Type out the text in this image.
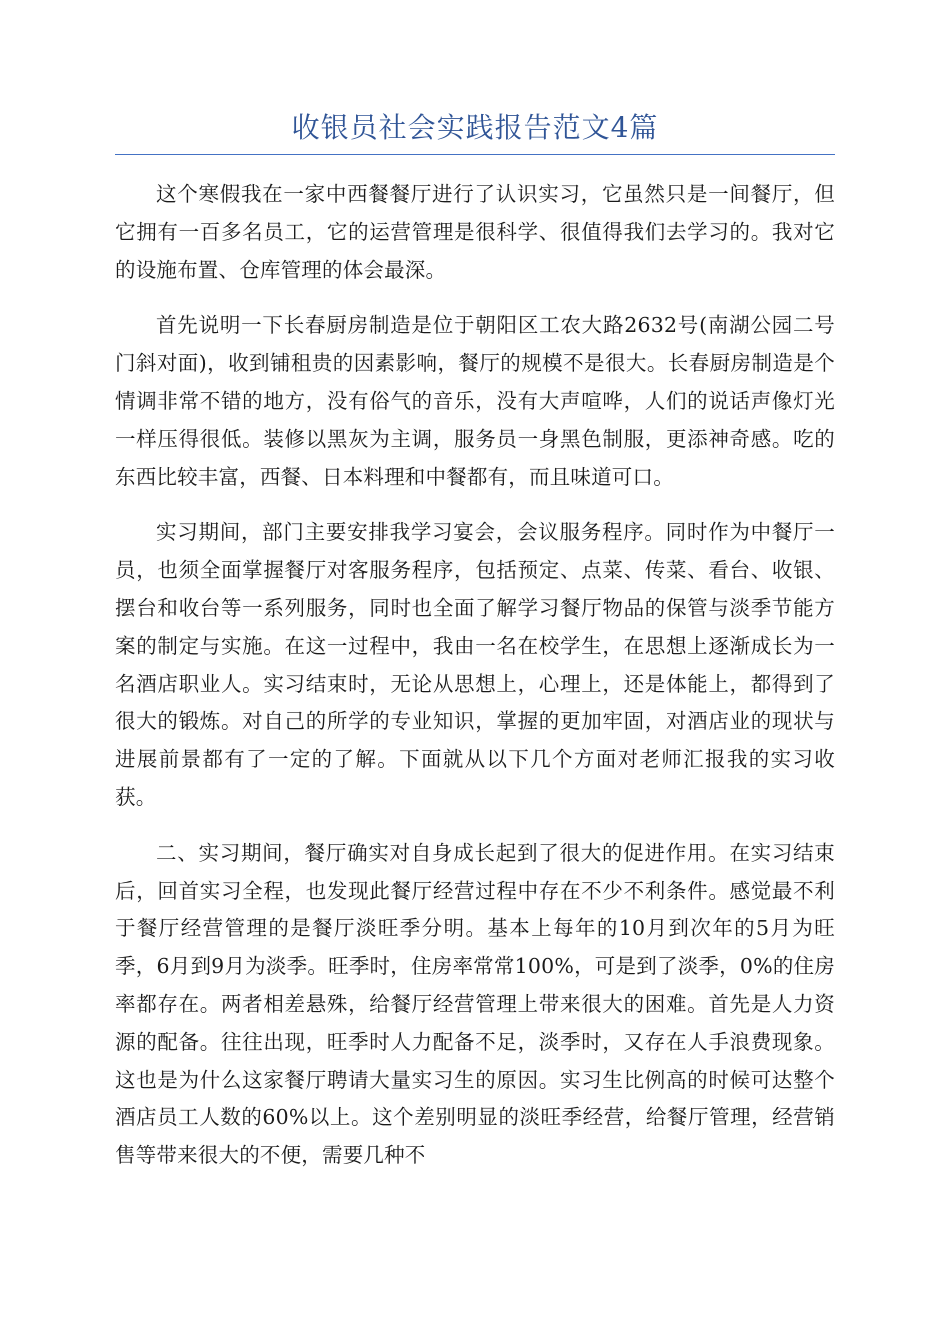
收银员社会实践报告范文4篇

这个寒假我在一家中西餐餐厅进行了认识实习，它虽然只是一间餐厅，但它拥有一百多名员工，它的运营管理是很科学、很值得我们去学习的。我对它的设施布置、仓库管理的体会最深。

首先说明一下长春厨房制造是位于朝阳区工农大路2632号(南湖公园二号门斜对面)，收到铺租贵的因素影响，餐厅的规模不是很大。长春厨房制造是个情调非常不错的地方，没有俗气的音乐，没有大声喧哗，人们的说话声像灯光一样压得很低。装修以黑灰为主调，服务员一身黑色制服，更添神奇感。吃的东西比较丰富，西餐、日本料理和中餐都有，而且味道可口。

实习期间，部门主要安排我学习宴会，会议服务程序。同时作为中餐厅一员，也须全面掌握餐厅对客服务程序，包括预定、点菜、传菜、看台、收银、摆台和收台等一系列服务，同时也全面了解学习餐厅物品的保管与淡季节能方案的制定与实施。在这一过程中，我由一名在校学生，在思想上逐渐成长为一名酒店职业人。实习结束时，无论从思想上，心理上，还是体能上，都得到了很大的锻炼。对自己的所学的专业知识，掌握的更加牢固，对酒店业的现状与进展前景都有了一定的了解。下面就从以下几个方面对老师汇报我的实习收获。

二、实习期间，餐厅确实对自身成长起到了很大的促进作用。在实习结束后，回首实习全程，也发现此餐厅经营过程中存在不少不利条件。感觉最不利于餐厅经营管理的是餐厅淡旺季分明。基本上每年的10月到次年的5月为旺季，6月到9月为淡季。旺季时，住房率常常100%，可是到了淡季，0%的住房率都存在。两者相差悬殊，给餐厅经营管理上带来很大的困难。首先是人力资源的配备。往往出现，旺季时人力配备不足，淡季时，又存在人手浪费现象。这也是为什么这家餐厅聘请大量实习生的原因。实习生比例高的时候可达整个酒店员工人数的60%以上。这个差别明显的淡旺季经营，给餐厅管理，经营销售等带来很大的不便，需要几种不
